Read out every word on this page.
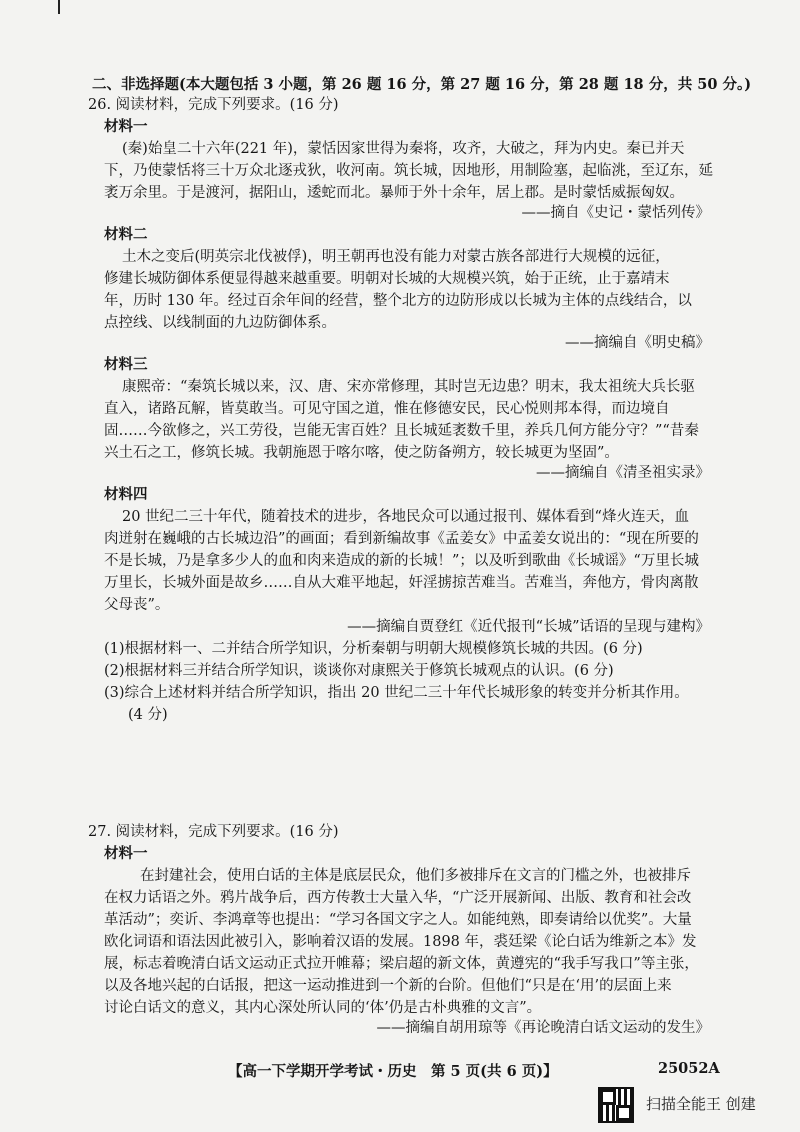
二、非选择题(本大题包括 3 小题，第 26 题 16 分，第 27 题 16 分，第 28 题 18 分，共 50 分。)
26. 阅读材料，完成下列要求。(16 分)
材料一
(秦)始皇二十六年(221 年)，蒙恬因家世得为秦将，攻齐，大破之，拜为内史。秦已并天
下，乃使蒙恬将三十万众北逐戎狄，收河南。筑长城，因地形，用制险塞，起临洮，至辽东，延
袤万余里。于是渡河，据阳山，逶蛇而北。暴师于外十余年，居上郡。是时蒙恬威振匈奴。
——摘自《史记・蒙恬列传》
材料二
土木之变后(明英宗北伐被俘)，明王朝再也没有能力对蒙古族各部进行大规模的远征，
修建长城防御体系便显得越来越重要。明朝对长城的大规模兴筑，始于正统，止于嘉靖末
年，历时 130 年。经过百余年间的经营，整个北方的边防形成以长城为主体的点线结合，以
点控线、以线制面的九边防御体系。
——摘编自《明史稿》
材料三
康熙帝：“秦筑长城以来，汉、唐、宋亦常修理，其时岂无边患？明末，我太祖统大兵长驱
直入，诸路瓦解，皆莫敢当。可见守国之道，惟在修德安民，民心悦则邦本得，而边境自
固……今欲修之，兴工劳役，岂能无害百姓？且长城延袤数千里，养兵几何方能分守？”“昔秦
兴土石之工，修筑长城。我朝施恩于喀尔喀，使之防备朔方，较长城更为坚固”。
——摘编自《清圣祖实录》
材料四
20 世纪二三十年代，随着技术的进步，各地民众可以通过报刊、媒体看到“烽火连天，血
肉迸射在巍峨的古长城边沿”的画面；看到新编故事《孟姜女》中孟姜女说出的：“现在所要的
不是长城，乃是拿多少人的血和肉来造成的新的长城！”；以及听到歌曲《长城谣》“万里长城
万里长，长城外面是故乡……自从大难平地起，奸淫掳掠苦难当。苦难当，奔他方，骨肉离散
父母丧”。
——摘编自贾登红《近代报刊“长城”话语的呈现与建构》
(1)根据材料一、二并结合所学知识，分析秦朝与明朝大规模修筑长城的共因。(6 分)
(2)根据材料三并结合所学知识，谈谈你对康熙关于修筑长城观点的认识。(6 分)
(3)综合上述材料并结合所学知识，指出 20 世纪二三十年代长城形象的转变并分析其作用。
(4 分)
27. 阅读材料，完成下列要求。(16 分)
材料一
在封建社会，使用白话的主体是底层民众，他们多被排斥在文言的门槛之外，也被排斥
在权力话语之外。鸦片战争后，西方传教士大量入华，“广泛开展新闻、出版、教育和社会改
革活动”；奕䜣、李鸿章等也提出：“学习各国文字之人。如能纯熟，即奏请给以优奖”。大量
欧化词语和语法因此被引入，影响着汉语的发展。1898 年，裘廷梁《论白话为维新之本》发
展，标志着晚清白话文运动正式拉开帷幕；梁启超的新文体，黄遵宪的“我手写我口”等主张，
以及各地兴起的白话报，把这一运动推进到一个新的台阶。但他们“只是在‘用’的层面上来
讨论白话文的意义，其内心深处所认同的‘体’仍是古朴典雅的文言”。
——摘编自胡用琼等《再论晚清白话文运动的发生》
【高一下学期开学考试・历史　第 5 页(共 6 页)】	25052A
扫描全能王 创建
